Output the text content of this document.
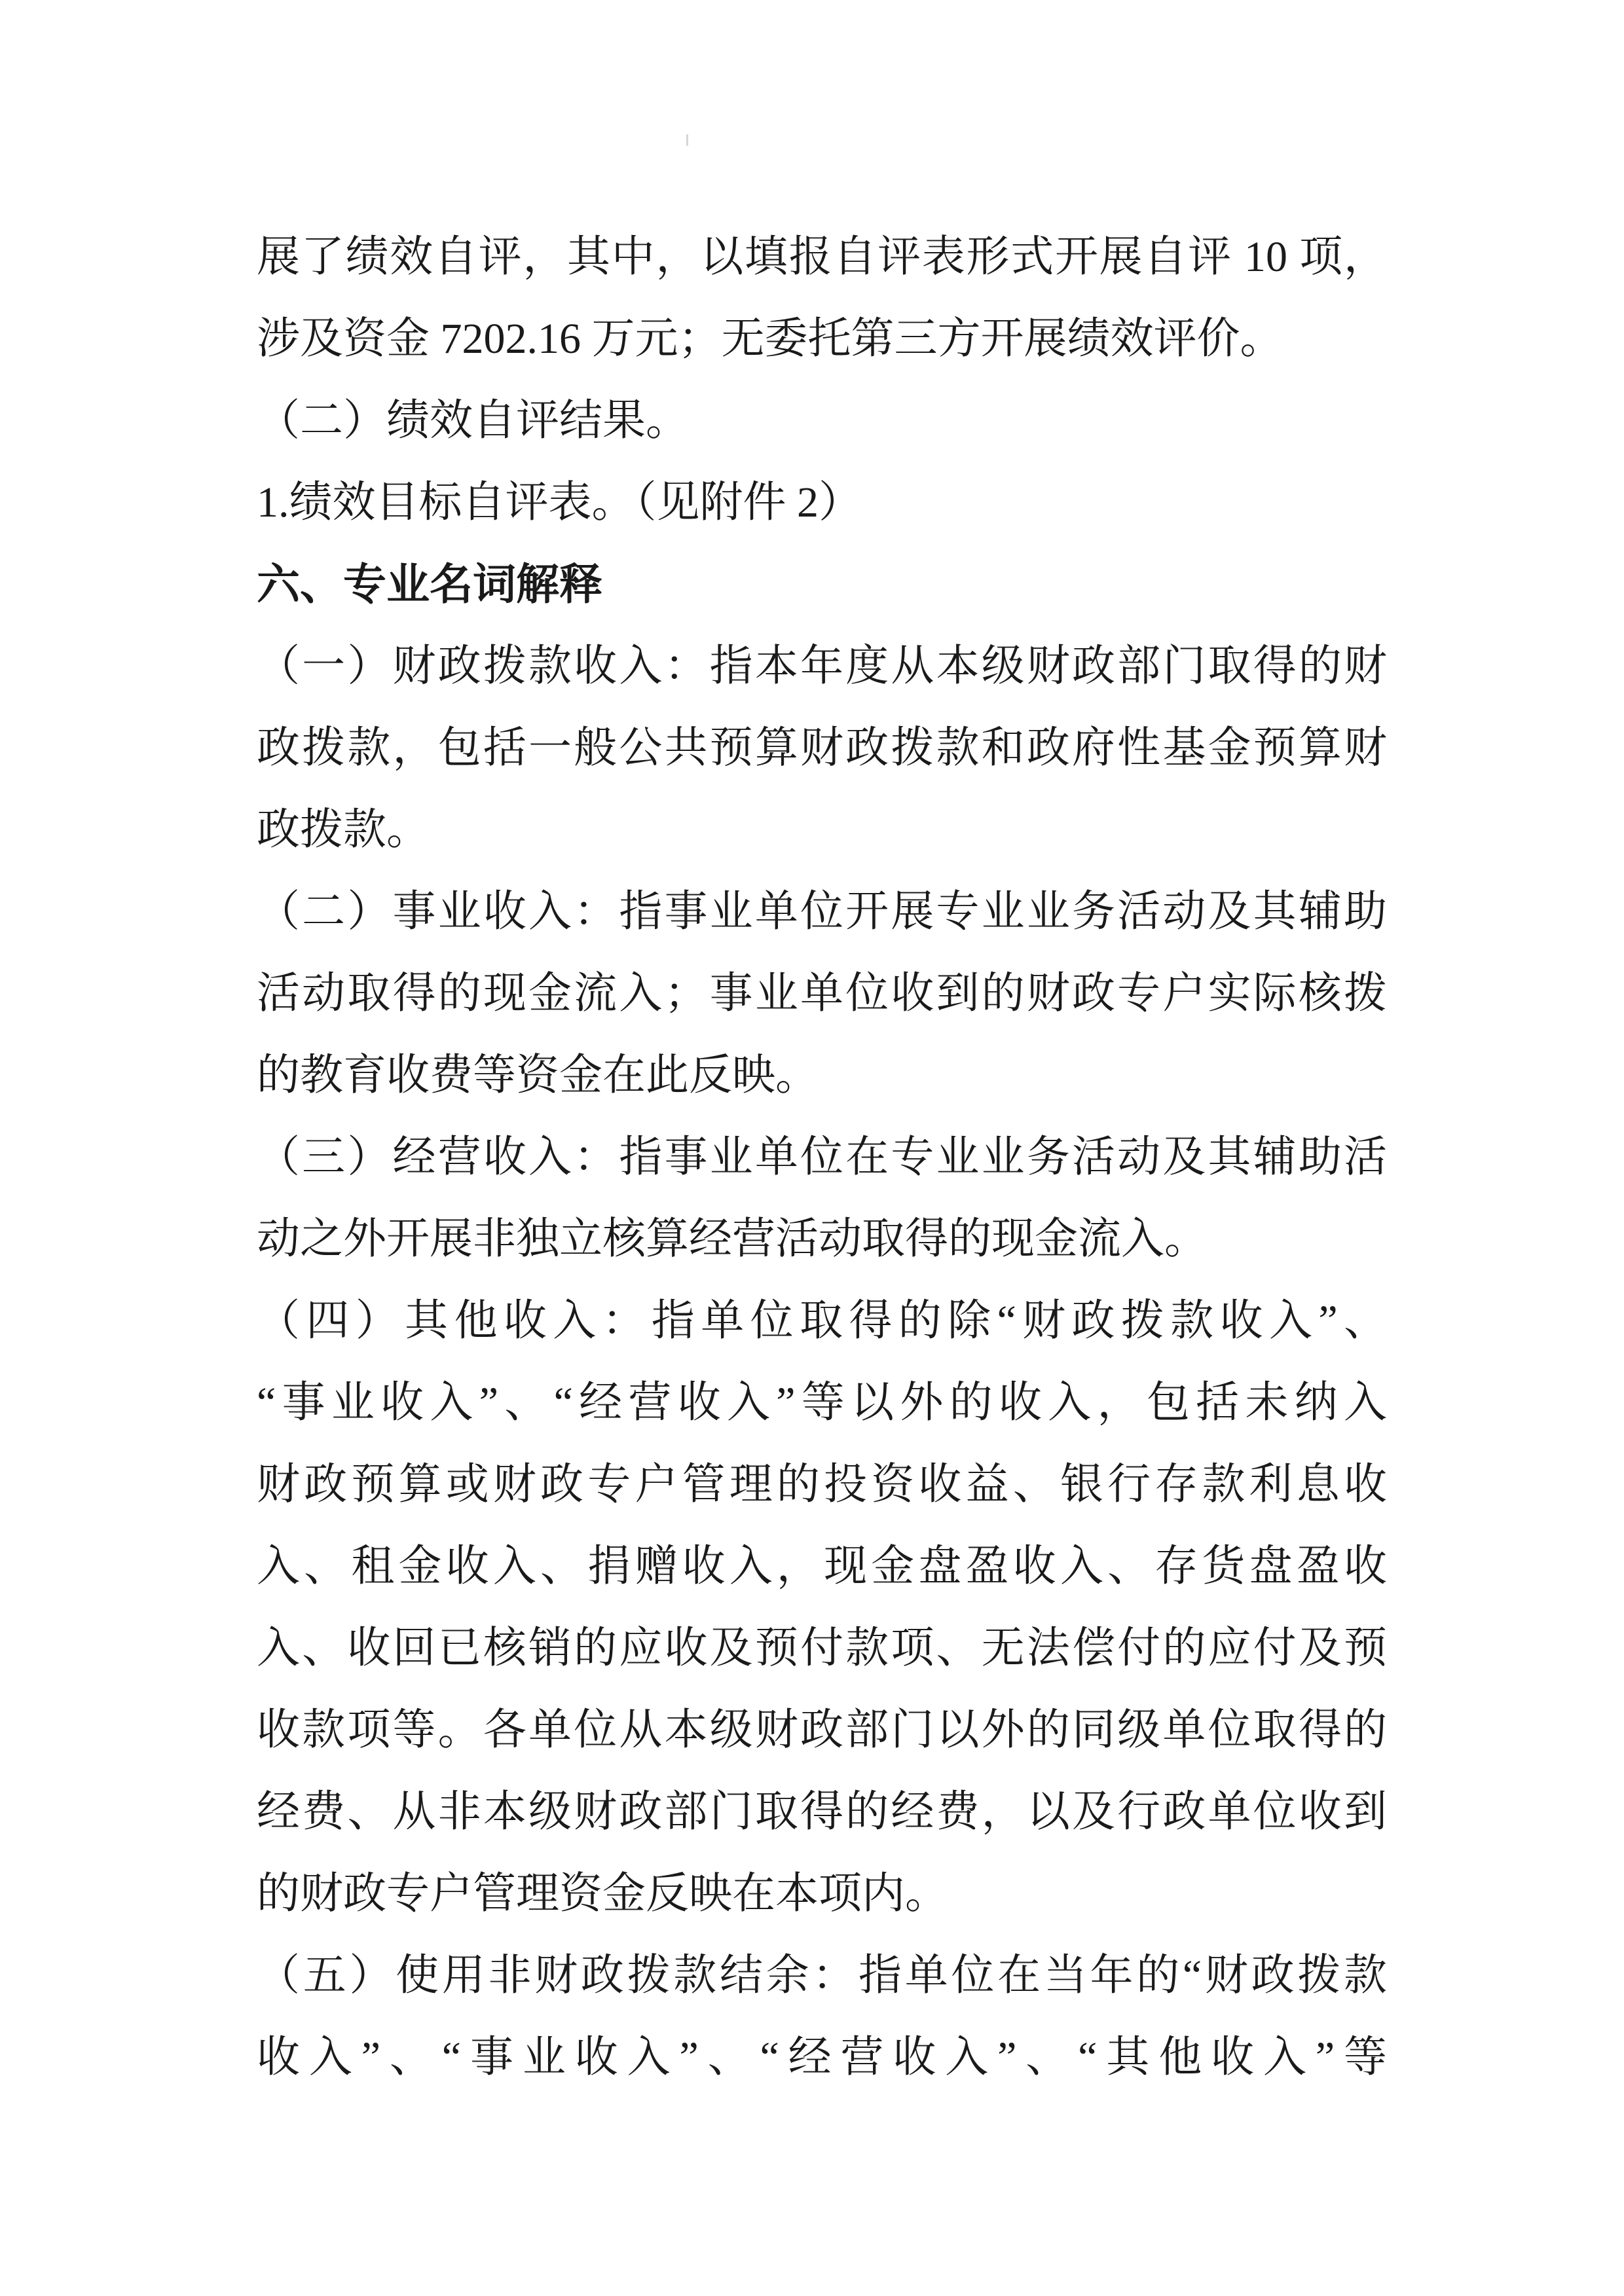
展了绩效自评，其中，以填报自评表形式开展自评 10 项，
涉及资金 7202.16 万元；无委托第三方开展绩效评价。
（二）绩效自评结果。
1.绩效目标自评表。（见附件 2）
六、专业名词解释
（一）财政拨款收入：指本年度从本级财政部门取得的财
政拨款，包括一般公共预算财政拨款和政府性基金预算财
政拨款。
（二）事业收入：指事业单位开展专业业务活动及其辅助
活动取得的现金流入；事业单位收到的财政专户实际核拨
的教育收费等资金在此反映。
（三）经营收入：指事业单位在专业业务活动及其辅助活
动之外开展非独立核算经营活动取得的现金流入。
（四）其他收入：指单位取得的除“财政拨款收入”、
“事业收入”、“经营收入”等以外的收入，包括未纳入
财政预算或财政专户管理的投资收益、银行存款利息收
入、租金收入、捐赠收入，现金盘盈收入、存货盘盈收
入、收回已核销的应收及预付款项、无法偿付的应付及预
收款项等。各单位从本级财政部门以外的同级单位取得的
经费、从非本级财政部门取得的经费，以及行政单位收到
的财政专户管理资金反映在本项内。
（五）使用非财政拨款结余：指单位在当年的“财政拨款
收入”、“事业收入”、“经营收入”、“其他收入”等
